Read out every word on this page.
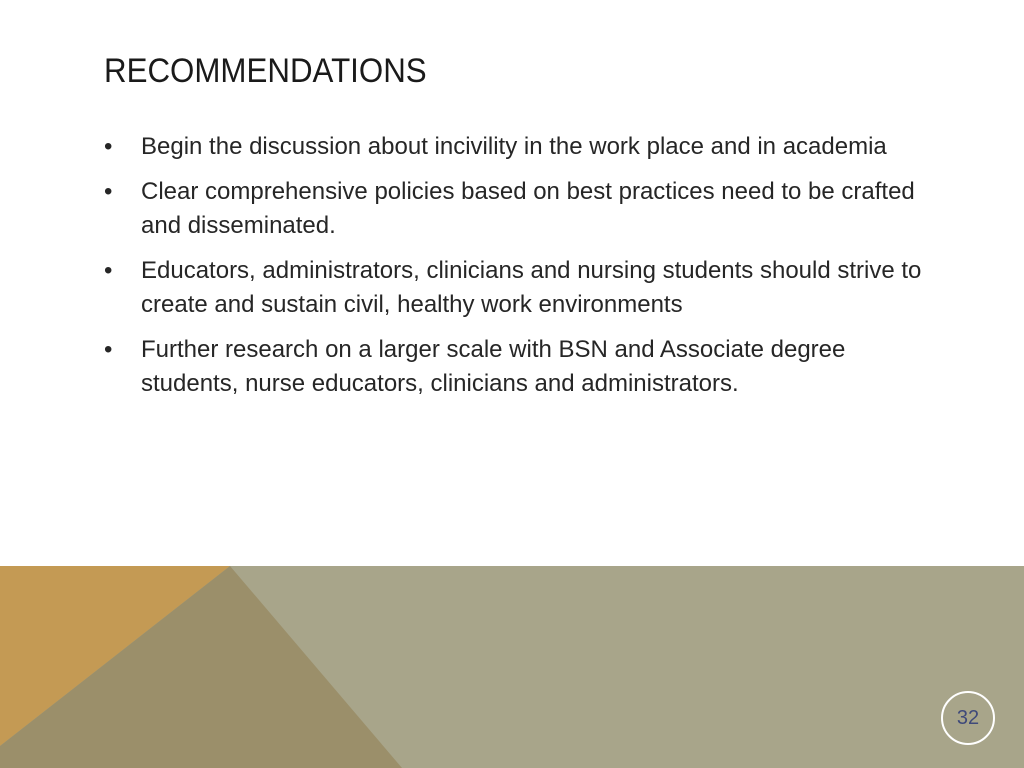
RECOMMENDATIONS
• Begin the discussion about incivility in the work place and in academia
• Clear comprehensive policies based on best practices need to be crafted and disseminated.
• Educators, administrators, clinicians and nursing students should strive to create and sustain civil, healthy work environments
• Further research on a larger scale with BSN and Associate degree students, nurse educators, clinicians and administrators.
32
